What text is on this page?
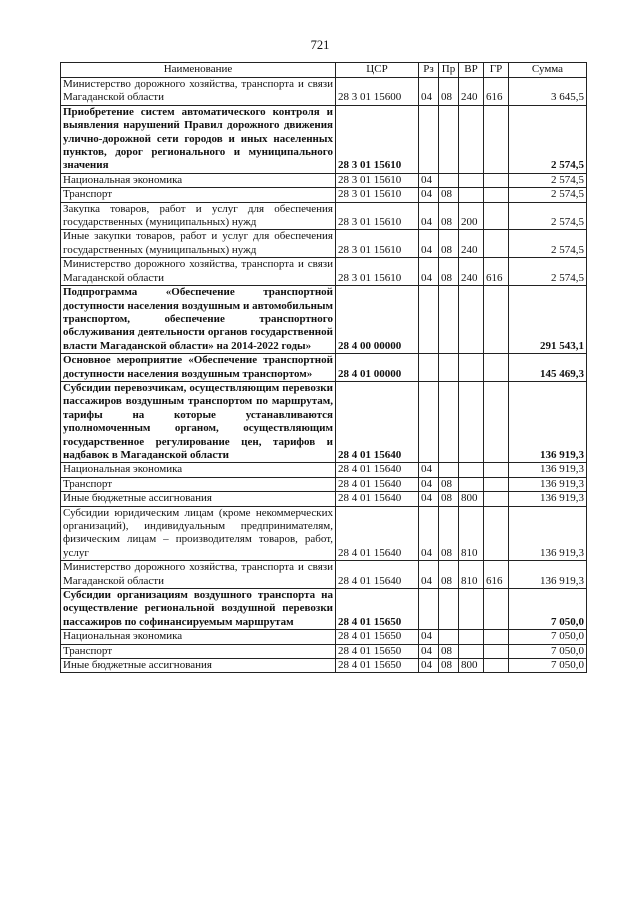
721
Наименование	ЦСР	Рз	Пр	ВР	ГР	Сумма
Министерство дорожного хозяйства, транспорта и связи Магаданской области	28 3 01 15600	04	08	240	616	3 645,5
Приобретение систем автоматического контроля и выявления нарушений Правил дорожного движения улично-дорожной сети городов и иных населенных пунктов, дорог регионального и муниципального значения	28 3 01 15610					2 574,5
Национальная экономика	28 3 01 15610	04				2 574,5
Транспорт	28 3 01 15610	04	08			2 574,5
Закупка товаров, работ и услуг для обеспечения государственных (муниципальных) нужд	28 3 01 15610	04	08	200		2 574,5
Иные закупки товаров, работ и услуг для обеспечения государственных (муниципальных) нужд	28 3 01 15610	04	08	240		2 574,5
Министерство дорожного хозяйства, транспорта и связи Магаданской области	28 3 01 15610	04	08	240	616	2 574,5
Подпрограмма «Обеспечение транспортной доступности населения воздушным и автомобильным транспортом, обеспечение транспортного обслуживания деятельности органов государственной власти Магаданской области» на 2014-2022 годы»	28 4 00 00000					291 543,1
Основное мероприятие «Обеспечение транспортной доступности населения воздушным транспортом»	28 4 01 00000					145 469,3
Субсидии перевозчикам, осуществляющим перевозки пассажиров воздушным транспортом по маршрутам, тарифы на которые устанавливаются уполномоченным органом, осуществляющим государственное регулирование цен, тарифов и надбавок в Магаданской области	28 4 01 15640					136 919,3
Национальная экономика	28 4 01 15640	04				136 919,3
Транспорт	28 4 01 15640	04	08			136 919,3
Иные бюджетные ассигнования	28 4 01 15640	04	08	800		136 919,3
Субсидии юридическим лицам (кроме некоммерческих организаций), индивидуальным предпринимателям, физическим лицам – производителям товаров, работ, услуг	28 4 01 15640	04	08	810		136 919,3
Министерство дорожного хозяйства, транспорта и связи Магаданской области	28 4 01 15640	04	08	810	616	136 919,3
Субсидии организациям воздушного транспорта на осуществление региональной воздушной перевозки пассажиров по софинансируемым маршрутам	28 4 01 15650					7 050,0
Национальная экономика	28 4 01 15650	04				7 050,0
Транспорт	28 4 01 15650	04	08			7 050,0
Иные бюджетные ассигнования	28 4 01 15650	04	08	800		7 050,0
